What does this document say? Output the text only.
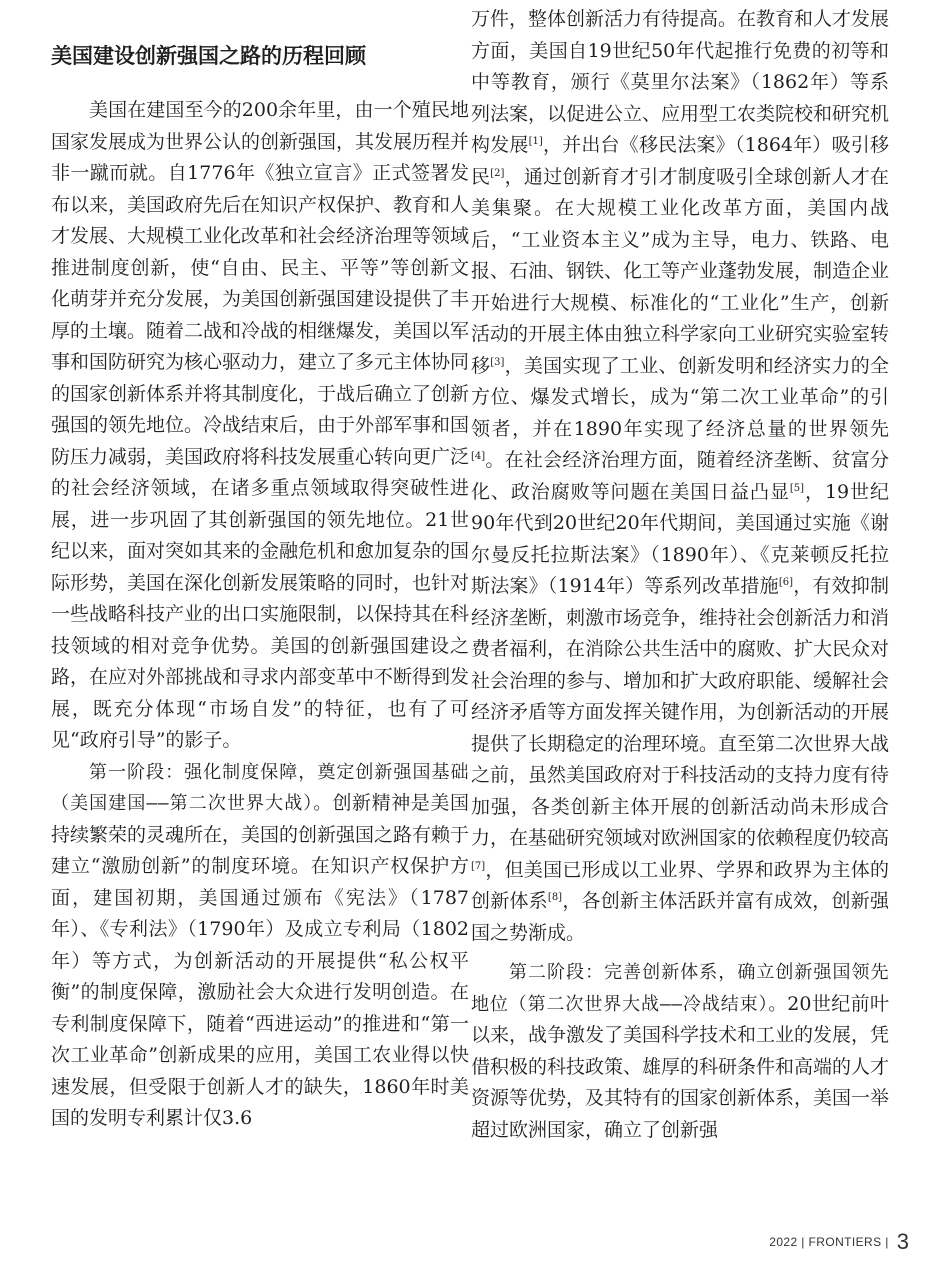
美国建设创新强国之路的历程回顾

美国在建国至今的200余年里，由一个殖民地国家发展成为世界公认的创新强国，其发展历程并非一蹴而就。自1776年《独立宣言》正式签署发布以来，美国政府先后在知识产权保护、教育和人才发展、大规模工业化改革和社会经济治理等领域推进制度创新，使“自由、民主、平等”等创新文化萌芽并充分发展，为美国创新强国建设提供了丰厚的土壤。随着二战和冷战的相继爆发，美国以军事和国防研究为核心驱动力，建立了多元主体协同的国家创新体系并将其制度化，于战后确立了创新强国的领先地位。冷战结束后，由于外部军事和国防压力减弱，美国政府将科技发展重心转向更广泛的社会经济领域，在诸多重点领域取得突破性进展，进一步巩固了其创新强国的领先地位。21世纪以来，面对突如其来的金融危机和愈加复杂的国际形势，美国在深化创新发展策略的同时，也针对一些战略科技产业的出口实施限制，以保持其在科技领域的相对竞争优势。美国的创新强国建设之路，在应对外部挑战和寻求内部变革中不断得到发展，既充分体现“市场自发”的特征，也有了可见“政府引导”的影子。

第一阶段：强化制度保障，奠定创新强国基础（美国建国——第二次世界大战）。创新精神是美国持续繁荣的灵魂所在，美国的创新强国之路有赖于建立“激励创新”的制度环境。在知识产权保护方面，建国初期，美国通过颁布《宪法》（1787年）、《专利法》（1790年）及成立专利局（1802年）等方式，为创新活动的开展提供“私公权平衡”的制度保障，激励社会大众进行发明创造。在专利制度保障下，随着“西进运动”的推进和“第一次工业革命”创新成果的应用，美国工农业得以快速发展，但受限于创新人才的缺失，1860年时美国的发明专利累计仅3.6

万件，整体创新活力有待提高。在教育和人才发展方面，美国自19世纪50年代起推行免费的初等和中等教育，颁行《莫里尔法案》（1862年）等系列法案，以促进公立、应用型工农类院校和研究机构发展[1]，并出台《移民法案》（1864年）吸引移民[2]，通过创新育才引才制度吸引全球创新人才在美集聚。在大规模工业化改革方面，美国内战后，“工业资本主义”成为主导，电力、铁路、电报、石油、钢铁、化工等产业蓬勃发展，制造企业开始进行大规模、标准化的“工业化”生产，创新活动的开展主体由独立科学家向工业研究实验室转移[3]，美国实现了工业、创新发明和经济实力的全方位、爆发式增长，成为“第二次工业革命”的引领者，并在1890年实现了经济总量的世界领先[4]。在社会经济治理方面，随着经济垄断、贫富分化、政治腐败等问题在美国日益凸显[5]，19世纪90年代到20世纪20年代期间，美国通过实施《谢尔曼反托拉斯法案》（1890年）、《克莱顿反托拉斯法案》（1914年）等系列改革措施[6]，有效抑制经济垄断，刺激市场竞争，维持社会创新活力和消费者福利，在消除公共生活中的腐败、扩大民众对社会治理的参与、增加和扩大政府职能、缓解社会经济矛盾等方面发挥关键作用，为创新活动的开展提供了长期稳定的治理环境。直至第二次世界大战之前，虽然美国政府对于科技活动的支持力度有待加强，各类创新主体开展的创新活动尚未形成合力，在基础研究领域对欧洲国家的依赖程度仍较高[7]，但美国已形成以工业界、学界和政界为主体的创新体系[8]，各创新主体活跃并富有成效，创新强国之势渐成。

第二阶段：完善创新体系，确立创新强国领先地位（第二次世界大战——冷战结束）。20世纪前叶以来，战争激发了美国科学技术和工业的发展，凭借积极的科技政策、雄厚的科研条件和高端的人才资源等优势，及其特有的国家创新体系，美国一举超过欧洲国家，确立了创新强

2022 | FRONTIERS | 3
